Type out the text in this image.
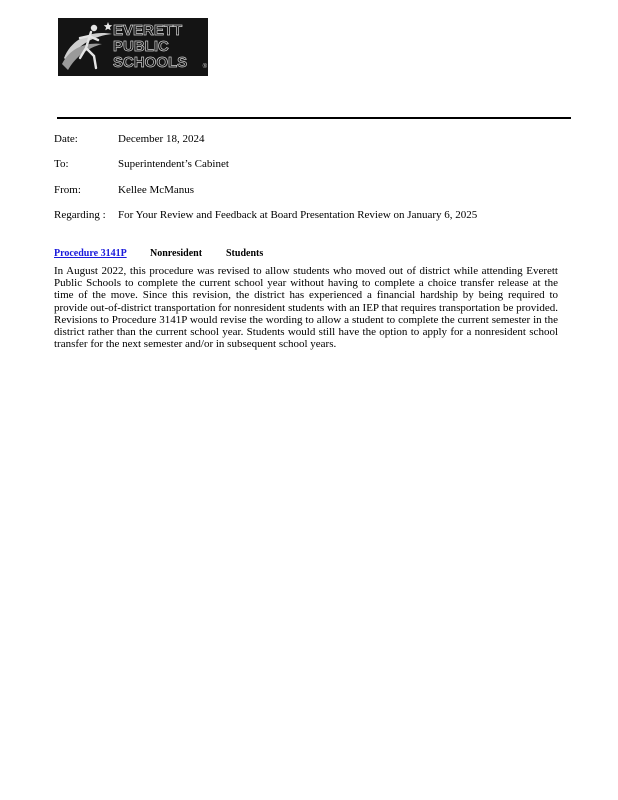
EVERETT
PUBLIC
SCHOOLS	®
Date:	December 18, 2024
To:	Superintendent’s Cabinet
From:	Kellee McManus
Regarding : For Your Review and Feedback at Board Presentation Review on January 6, 2025
Procedure 3141P Nonresident Students
In August 2022, this procedure was revised to allow students who moved out of district while attending Everett Public Schools to complete the current school year without having to complete a choice transfer release at the time of the move. Since this revision, the district has experienced a financial hardship by being required to provide out-of-district transportation for nonresident students with an IEP that requires transportation be provided. Revisions to Procedure 3141P would revise the wording to allow a student to complete the current semester in the district rather than the current school year. Students would still have the option to apply for a nonresident school transfer for the next semester and/or in subsequent school years.
